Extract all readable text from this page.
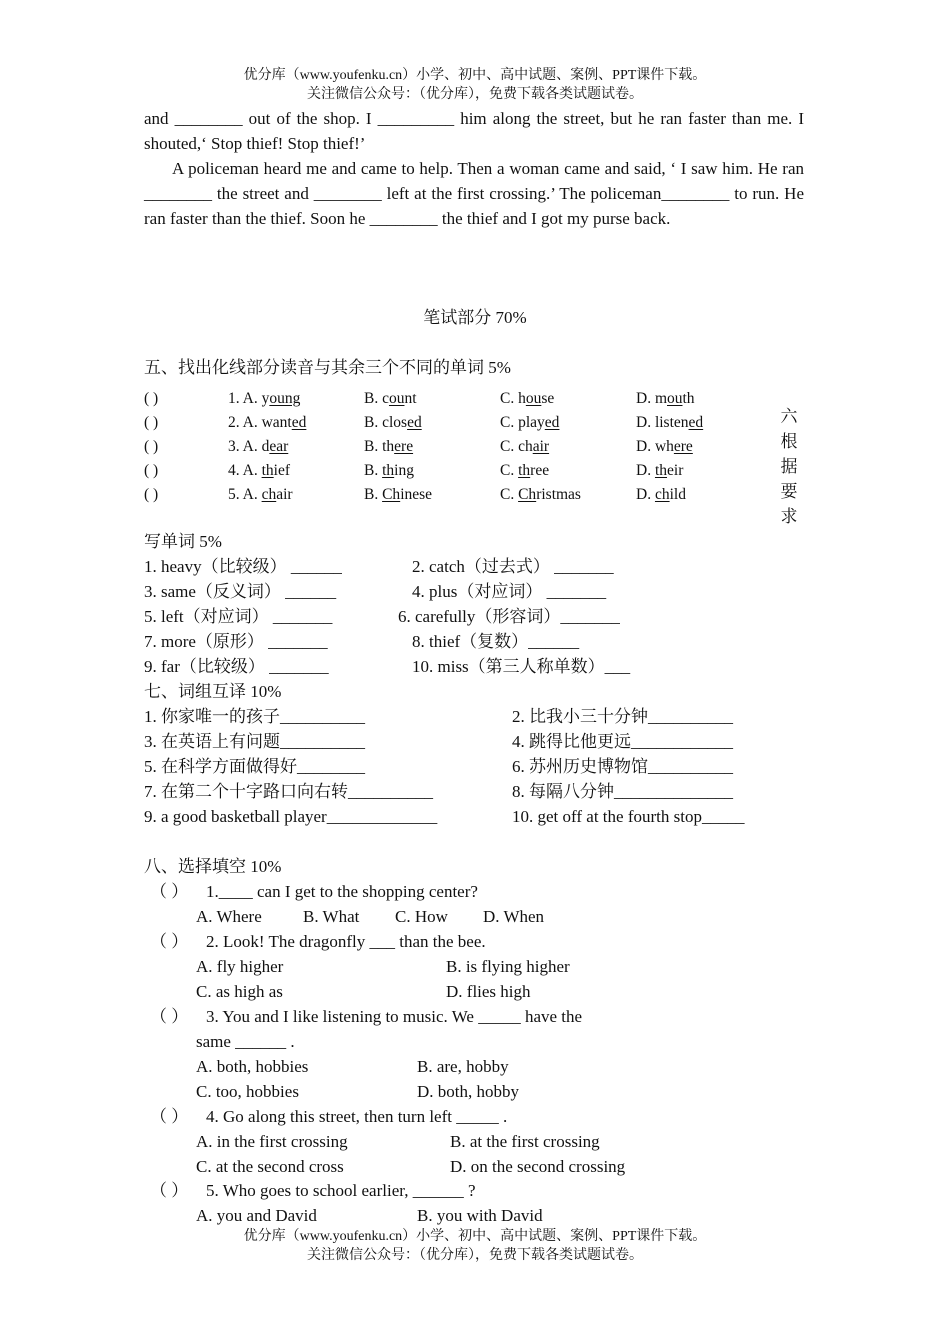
优分库（www.youfenku.cn）小学、初中、高中试题、案例、PPT课件下载。
关注微信公众号：（优分库），免费下载各类试题试卷。

and ________ out of the shop. I _________ him along the street, but he ran faster than me. I shouted,‘ Stop thief! Stop thief!’

A policeman heard me and came to help. Then a woman came and said, ‘ I saw him. He ran ________ the street and ________ left at the first crossing.’ The policeman________ to run. He ran faster than the thief. Soon he ________ the thief and I got my purse back.

笔试部分 70%
五、找出化线部分读音与其余三个不同的单词 5%
( )	1. A. young	B. count	C. house	D. mouth
( )	2. A. wanted	B. closed	C. played	D. listened
( )	3. A. dear	B. there	C. chair	D. where
( )	4. A. thief	B. thing	C. three	D. their
( )	5. A. chair	B. Chinese	C. Christmas	D. child
六
根
据
要
求
写单词 5%
1. heavy（比较级） ______	2. catch（过去式） _______
3. same（反义词） ______	4. plus（对应词） _______
5. left（对应词） _______	6. carefully（形容词）_______
7. more（原形） _______	8. thief（复数）______
9. far（比较级） _______	10. miss（第三人称单数）___
七、词组互译 10%
1. 你家唯一的孩子__________	2. 比我小三十分钟__________
3. 在英语上有问题__________	4. 跳得比他更远____________
5. 在科学方面做得好________	6. 苏州历史博物馆__________
7. 在第二个十字路口向右转__________	8. 每隔八分钟______________
9. a good basketball player_____________	10. get off at the fourth stop_____
八、选择填空 10%
（ ） 1.____ can I get to the shopping center?
A. Where B. What C. How D. When
（ ） 2. Look! The dragonfly ___ than the bee.
A. fly higher	B. is flying higher
C. as high as	D. flies high
（ ） 3. You and I like listening to music. We _____ have the
same ______ .
A. both, hobbies	B. are, hobby
C. too, hobbies	D. both, hobby
（ ） 4. Go along this street, then turn left _____ .
A. in the first crossing	B. at the first crossing
C. at the second cross	D. on the second crossing
（ ） 5. Who goes to school earlier, ______ ?
A. you and David	B. you with David
优分库（www.youfenku.cn）小学、初中、高中试题、案例、PPT课件下载。
关注微信公众号：（优分库），免费下载各类试题试卷。
